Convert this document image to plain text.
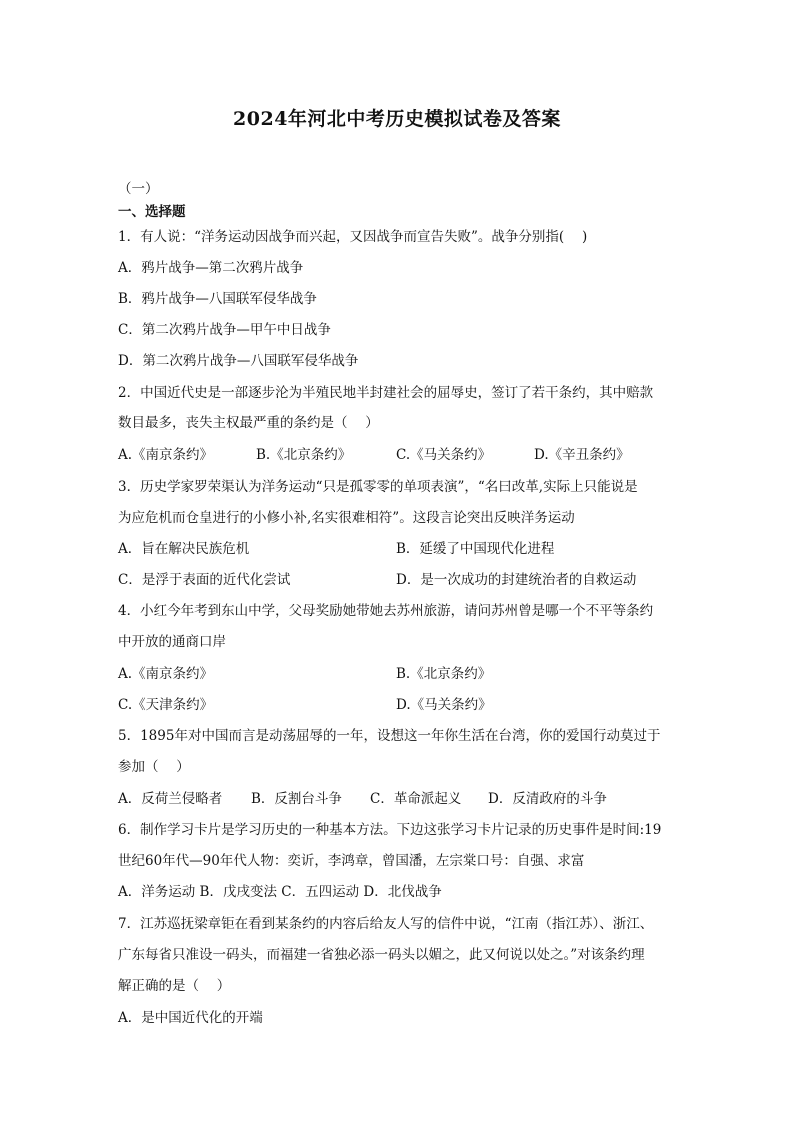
2024年河北中考历史模拟试卷及答案
（一）
一、选择题
1．有人说：“洋务运动因战争而兴起，又因战争而宣告失败”。战争分别指(　 )
A．鸦片战争—第二次鸦片战争
B．鸦片战争—八国联军侵华战争
C．第二次鸦片战争—甲午中日战争
D．第二次鸦片战争—八国联军侵华战争
2．中国近代史是一部逐步沦为半殖民地半封建社会的屈辱史，签订了若干条约，其中赔款
数目最多，丧失主权最严重的条约是（　 ）
A.《南京条约》	B.《北京条约》	C.《马关条约》	D.《辛丑条约》
3．历史学家罗荣渠认为洋务运动“只是孤零零的单项表演”，“名曰改革,实际上只能说是
为应危机而仓皇进行的小修小补,名实很难相符”。这段言论突出反映洋务运动
A．旨在解决民族危机	B．延缓了中国现代化进程
C．是浮于表面的近代化尝试	D．是一次成功的封建统治者的自救运动
4．小红今年考到东山中学，父母奖励她带她去苏州旅游，请问苏州曾是哪一个不平等条约
中开放的通商口岸
A.《南京条约》	B.《北京条约》
C.《天津条约》	D.《马关条约》
5．1895年对中国而言是动荡屈辱的一年，设想这一年你生活在台湾，你的爱国行动莫过于
参加（　 ）
A．反荷兰侵略者 B．反割台斗争 C．革命派起义 D．反清政府的斗争
6．制作学习卡片是学习历史的一种基本方法。下边这张学习卡片记录的历史事件是时间:19
世纪60年代—90年代人物：奕䜣，李鸿章，曾国潘，左宗棠口号：自强、求富
A．洋务运动 B．戊戌变法 C．五四运动 D．北伐战争
7．江苏巡抚梁章钜在看到某条约的内容后给友人写的信件中说，“江南（指江苏）、浙江、
广东每省只准设一码头，而福建一省独必添一码头以媚之，此又何说以处之。”对该条约理
解正确的是（　 ）
A．是中国近代化的开端
